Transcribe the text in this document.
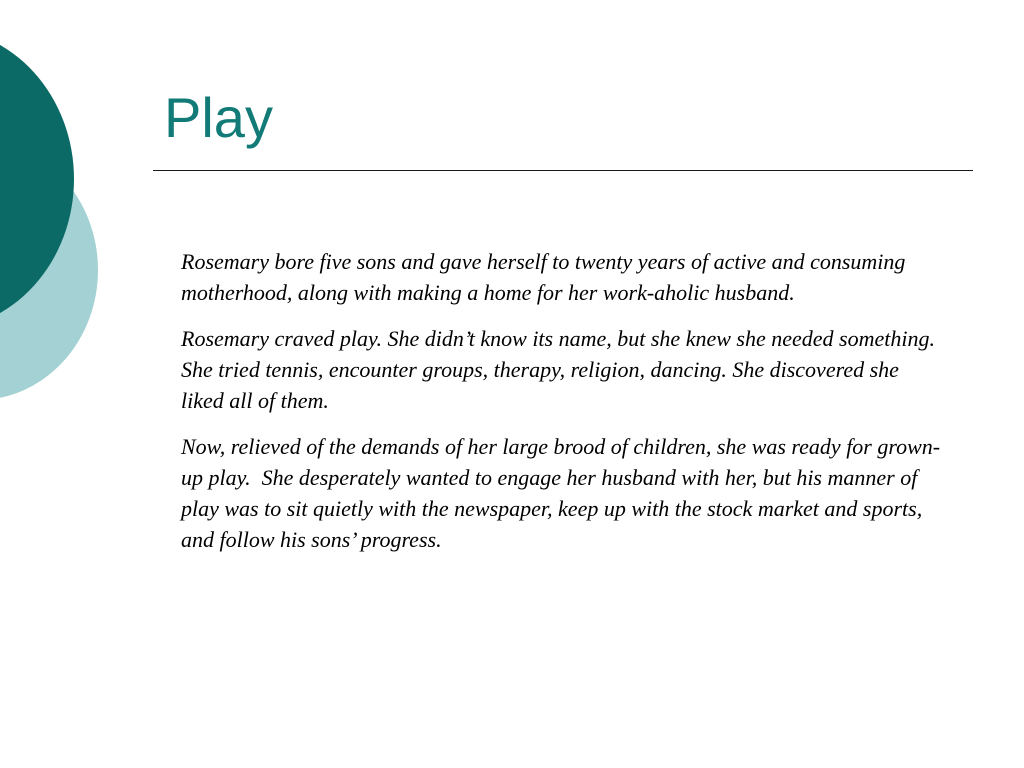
Play

Rosemary bore five sons and gave herself to twenty years of active and consuming motherhood, along with making a home for her work-aholic husband.

Rosemary craved play. She didn’t know its name, but she knew she needed something.  She tried tennis, encounter groups, therapy, religion, dancing. She discovered she liked all of them.

Now, relieved of the demands of her large brood of children, she was ready for grown-up play.  She desperately wanted to engage her husband with her, but his manner of play was to sit quietly with the newspaper, keep up with the stock market and sports, and follow his sons’ progress.
